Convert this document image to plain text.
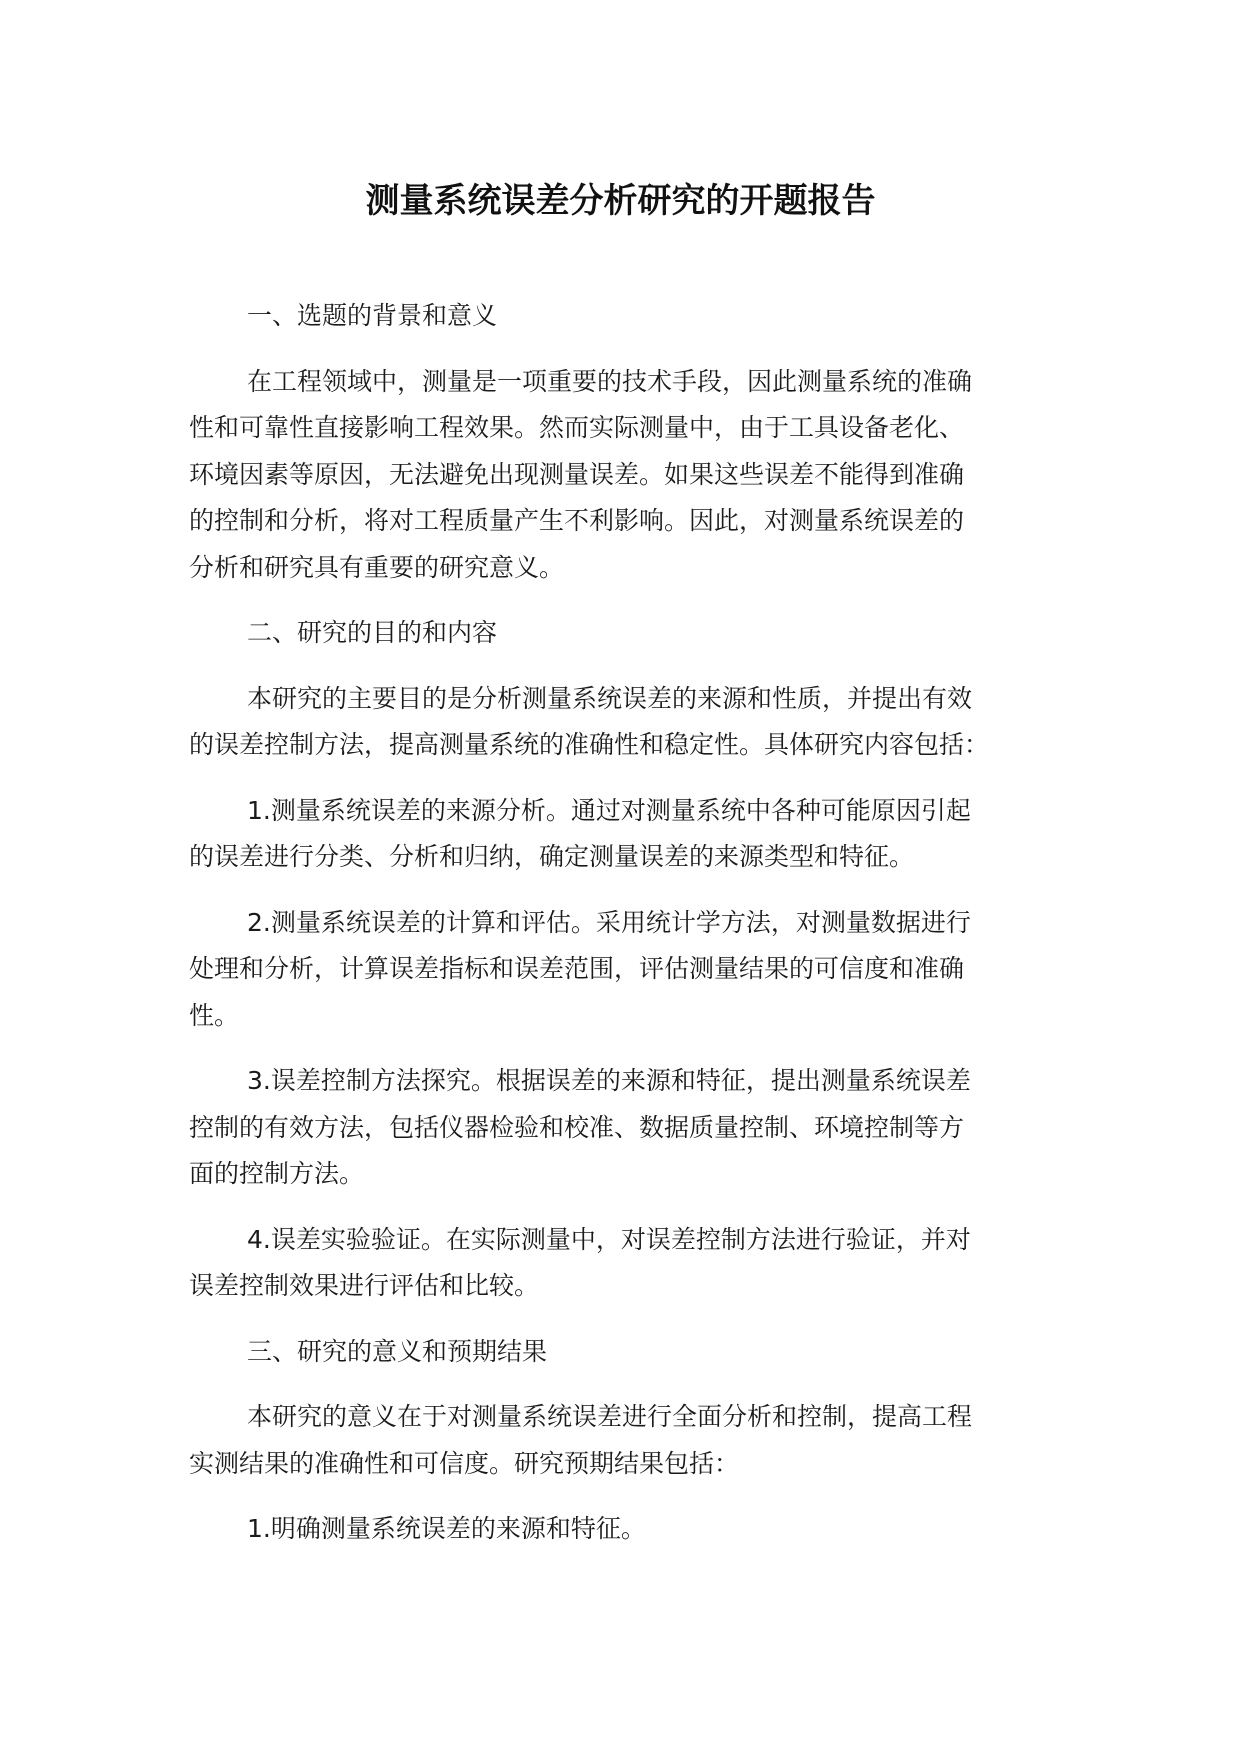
测量系统误差分析研究的开题报告

一、选题的背景和意义

在工程领域中，测量是一项重要的技术手段，因此测量系统的准确
性和可靠性直接影响工程效果。然而实际测量中，由于工具设备老化、
环境因素等原因，无法避免出现测量误差。如果这些误差不能得到准确
的控制和分析，将对工程质量产生不利影响。因此，对测量系统误差的
分析和研究具有重要的研究意义。

二、研究的目的和内容

本研究的主要目的是分析测量系统误差的来源和性质，并提出有效
的误差控制方法，提高测量系统的准确性和稳定性。具体研究内容包括：

1.测量系统误差的来源分析。通过对测量系统中各种可能原因引起
的误差进行分类、分析和归纳，确定测量误差的来源类型和特征。

2.测量系统误差的计算和评估。采用统计学方法，对测量数据进行
处理和分析，计算误差指标和误差范围，评估测量结果的可信度和准确
性。

3.误差控制方法探究。根据误差的来源和特征，提出测量系统误差
控制的有效方法，包括仪器检验和校准、数据质量控制、环境控制等方
面的控制方法。

4.误差实验验证。在实际测量中，对误差控制方法进行验证，并对
误差控制效果进行评估和比较。

三、研究的意义和预期结果

本研究的意义在于对测量系统误差进行全面分析和控制，提高工程
实测结果的准确性和可信度。研究预期结果包括：

1.明确测量系统误差的来源和特征。
